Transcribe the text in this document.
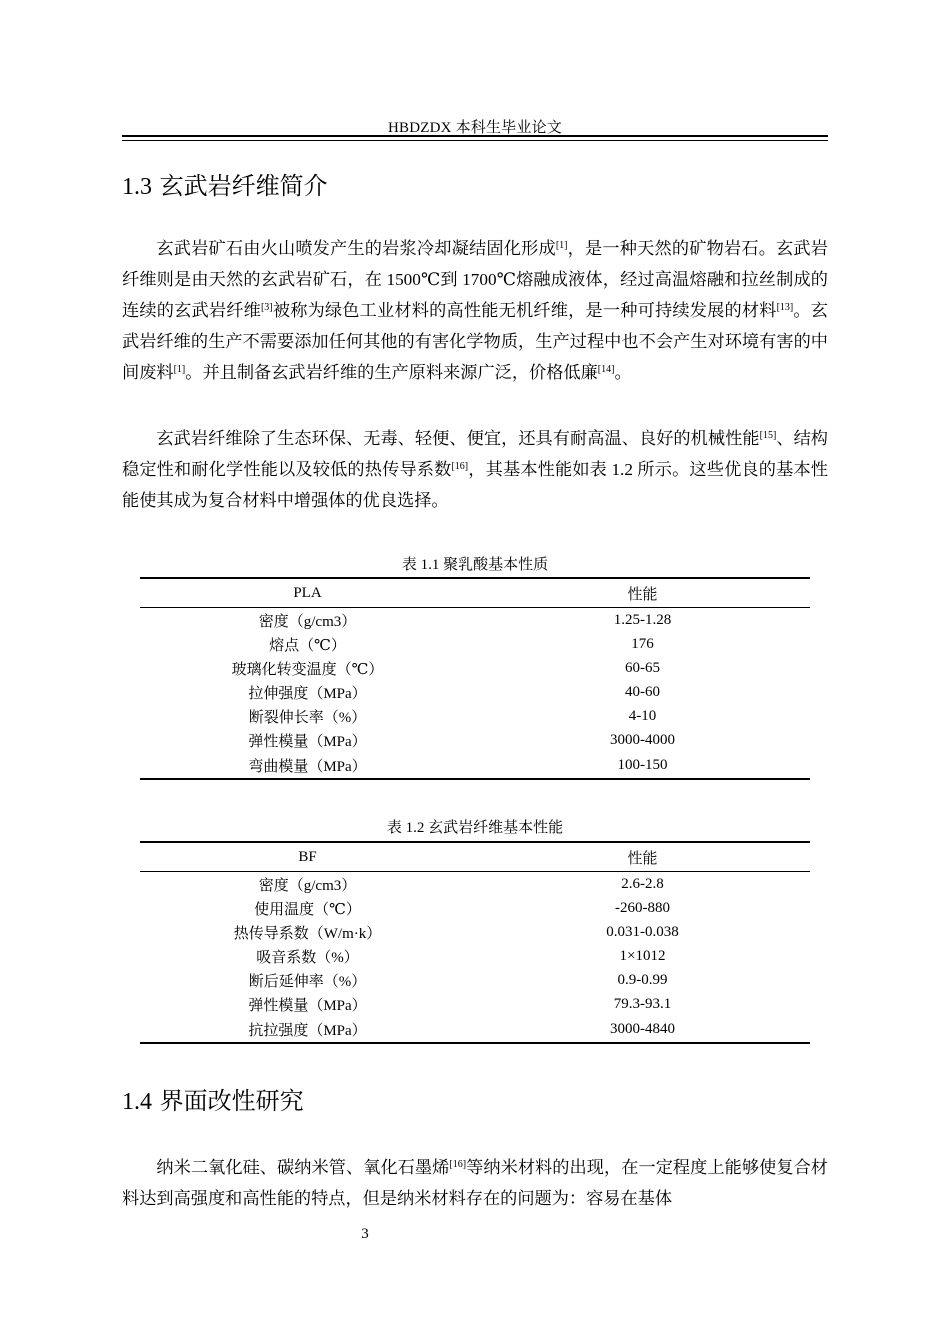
HBDZDX 本科生毕业论文
1.3 玄武岩纤维简介

玄武岩矿石由火山喷发产生的岩浆冷却凝结固化形成[1]，是一种天然的矿物岩石。玄武岩纤维则是由天然的玄武岩矿石，在 1500℃到 1700℃熔融成液体，经过高温熔融和拉丝制成的连续的玄武岩纤维[3]被称为绿色工业材料的高性能无机纤维，是一种可持续发展的材料[13]。玄武岩纤维的生产不需要添加任何其他的有害化学物质，生产过程中也不会产生对环境有害的中间废料[1]。并且制备玄武岩纤维的生产原料来源广泛，价格低廉[14]。

玄武岩纤维除了生态环保、无毒、轻便、便宜，还具有耐高温、良好的机械性能[15]、结构稳定性和耐化学性能以及较低的热传导系数[16]，其基本性能如表 1.2 所示。这些优良的基本性能使其成为复合材料中增强体的优良选择。

表 1.1 聚乳酸基本性质
PLA	性能
密度（g/cm3）	1.25-1.28
熔点（℃）	176
玻璃化转变温度（℃）	60-65
拉伸强度（MPa）	40-60
断裂伸长率（%）	4-10
弹性模量（MPa）	3000-4000
弯曲模量（MPa）	100-150
表 1.2 玄武岩纤维基本性能
BF	性能
密度（g/cm3）	2.6-2.8
使用温度（℃）	-260-880
热传导系数（W/m·k）	0.031-0.038
吸音系数（%）	1×1012
断后延伸率（%）	0.9-0.99
弹性模量（MPa）	79.3-93.1
抗拉强度（MPa）	3000-4840
1.4 界面改性研究

纳米二氧化硅、碳纳米管、氧化石墨烯[16]等纳米材料的出现，在一定程度上能够使复合材料达到高强度和高性能的特点，但是纳米材料存在的问题为：容易在基体

3
